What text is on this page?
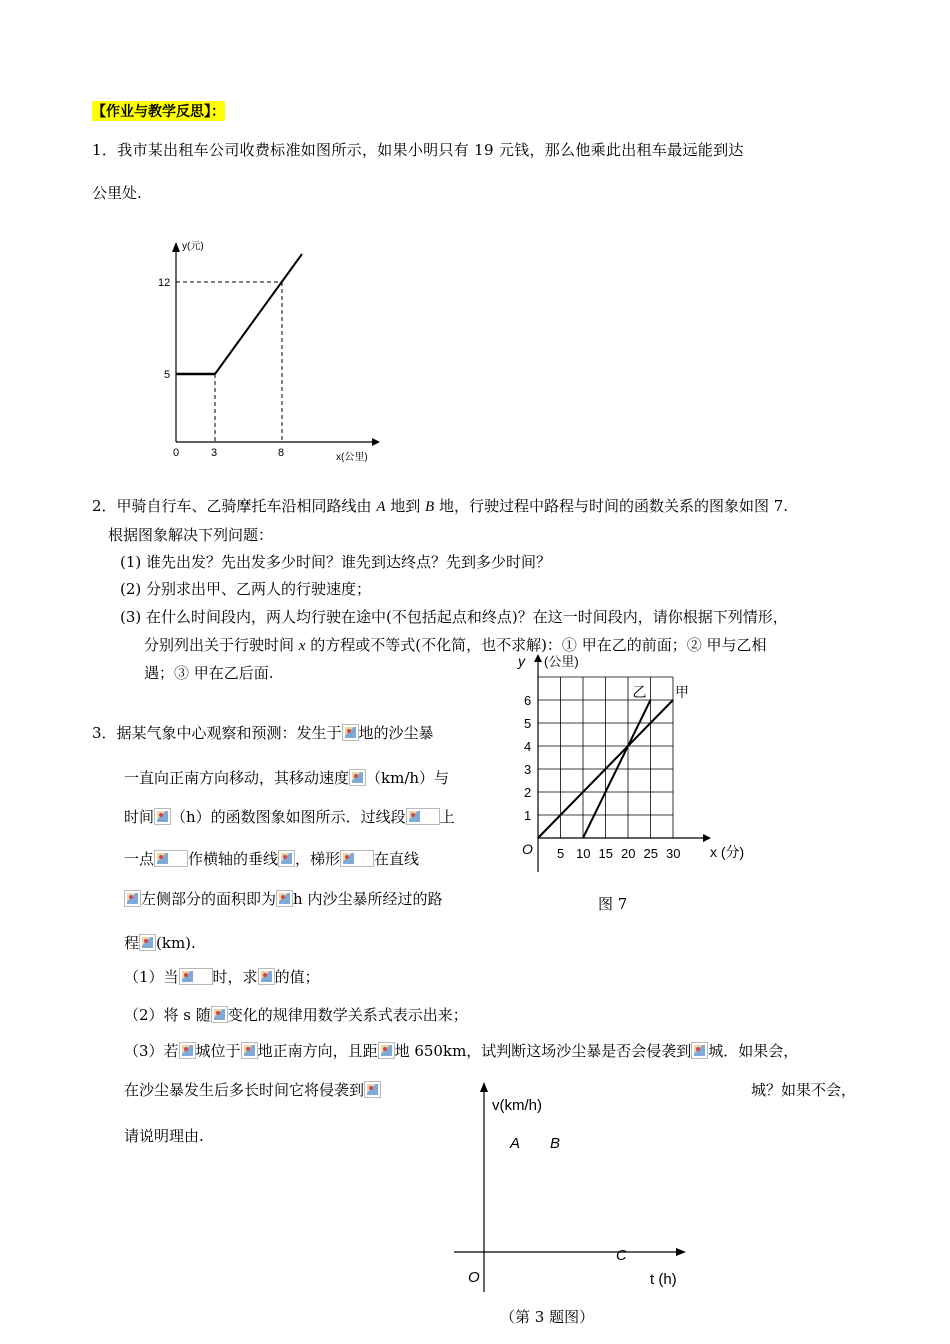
【作业与教学反思】：
1．我市某出租车公司收费标准如图所示，如果小明只有 19 元钱，那么他乘此出租车最远能到达
公里处.
y(元)
12
5
0	3	8	x(公里)
2．甲骑自行车、乙骑摩托车沿相同路线由 A 地到 B 地，行驶过程中路程与时间的函数关系的图象如图 7.
根据图象解决下列问题：
(1) 谁先出发？先出发多少时间？谁先到达终点？先到多少时间？
(2) 分别求出甲、乙两人的行驶速度；
(3) 在什么时间段内，两人均行驶在途中(不包括起点和终点)？在这一时间段内，请你根据下列情形，
分别列出关于行驶时间 x 的方程或不等式(不化简，也不求解)：① 甲在乙的前面；② 甲与乙相
遇；③ 甲在乙后面.
5 10 15 20 25 30
1
2
3
4
5
6
y (公里)
O	x (分)
乙 甲
图 7
3．据某气象中心观察和预测：发生于 地的沙尘暴
一直向正南方向移动，其移动速度 （km/h）与
时间 （h）的函数图象如图所示．过线段 上
一点 作横轴的垂线 ，梯形 在直线
左侧部分的面积即为 h 内沙尘暴所经过的路
程 (km).
（1）当 时，求 的值；
（2）将 s 随 变化的规律用数学关系式表示出来；
（3）若 城位于 地正南方向，且距 地 650km，试判断这场沙尘暴是否会侵袭到 城．如果会，
在沙尘暴发生后多长时间它将侵袭到	城？如果不会，
请说明理由.
v(km/h)
A B
C
O	t (h)
（第 3 题图）
